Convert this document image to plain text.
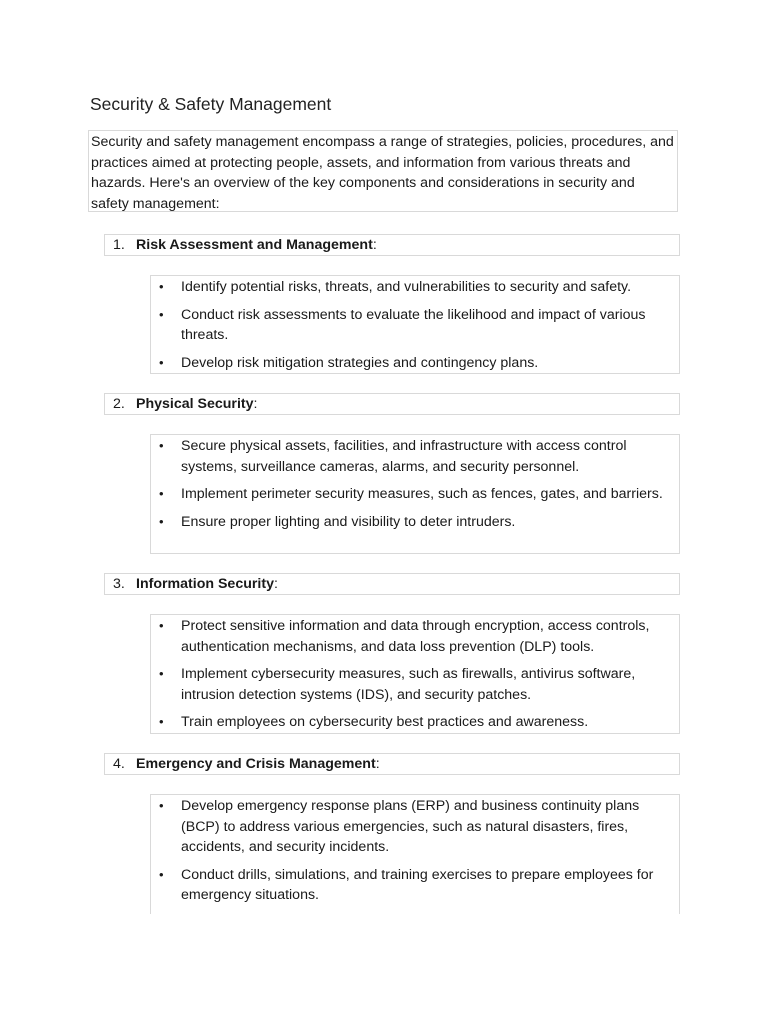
Security & Safety Management

Security and safety management encompass a range of strategies, policies, procedures, and practices aimed at protecting people, assets, and information from various threats and hazards. Here's an overview of the key components and considerations in security and safety management:

1. Risk Assessment and Management:
• Identify potential risks, threats, and vulnerabilities to security and safety.
• Conduct risk assessments to evaluate the likelihood and impact of various threats.
• Develop risk mitigation strategies and contingency plans.
2. Physical Security:
• Secure physical assets, facilities, and infrastructure with access control systems, surveillance cameras, alarms, and security personnel.
• Implement perimeter security measures, such as fences, gates, and barriers.
• Ensure proper lighting and visibility to deter intruders.
3. Information Security:
• Protect sensitive information and data through encryption, access controls, authentication mechanisms, and data loss prevention (DLP) tools.
• Implement cybersecurity measures, such as firewalls, antivirus software, intrusion detection systems (IDS), and security patches.
• Train employees on cybersecurity best practices and awareness.
4. Emergency and Crisis Management:
• Develop emergency response plans (ERP) and business continuity plans (BCP) to address various emergencies, such as natural disasters, fires, accidents, and security incidents.
• Conduct drills, simulations, and training exercises to prepare employees for emergency situations.
